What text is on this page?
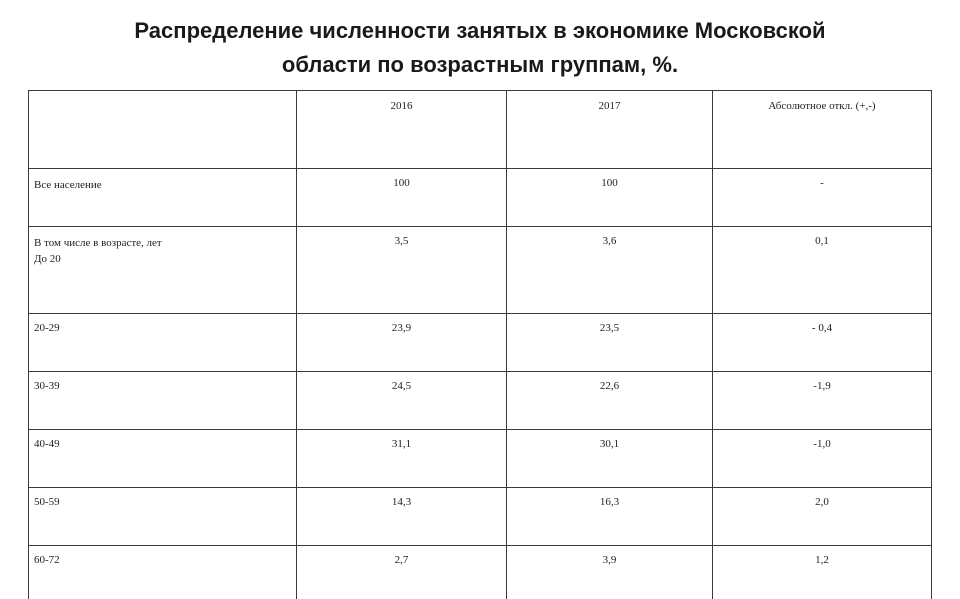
Распределение численности занятых в экономике Московской
области по возрастным группам, %.
	2016	2017	Абсолютное откл. (+,-)

Все население	100	100	-

В том числе в возрасте, лет
До 20	3,5	3,6	0,1
20-29	23,9	23,5	- 0,4
30-39	24,5	22,6	-1,9
40-49	31,1	30,1	-1,0
50-59	14,3	16,3	2,0
60-72	2,7	3,9	1,2
